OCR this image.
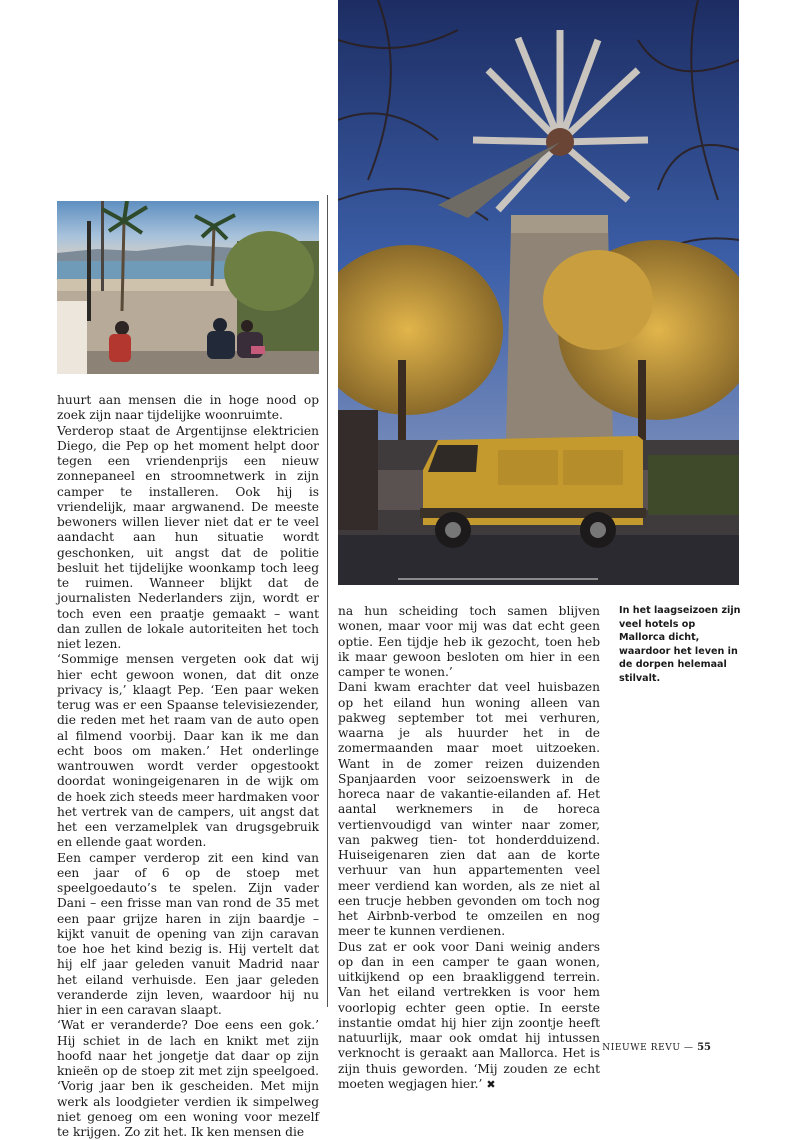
huurt aan mensen die in hoge nood op zoek zijn naar tijdelijke woonruimte.

Verderop staat de Argentijnse elektricien Diego, die Pep op het moment helpt door tegen een vriendenprijs een nieuw zonnepaneel en stroomnetwerk in zijn camper te installeren. Ook hij is vriendelijk, maar argwanend. De meeste bewoners willen liever niet dat er te veel aandacht aan hun situatie wordt geschonken, uit angst dat de politie besluit het tijdelijke woonkamp toch leeg te ruimen. Wanneer blijkt dat de journalisten Nederlanders zijn, wordt er toch even een praatje gemaakt – want dan zullen de lokale autoriteiten het toch niet lezen.

‘Sommige mensen vergeten ook dat wij hier echt gewoon wonen, dat dit onze privacy is,’ klaagt Pep. ‘Een paar weken terug was er een Spaanse televisiezender, die reden met het raam van de auto open al filmend voorbij. Daar kan ik me dan echt boos om maken.’ Het onderlinge wantrouwen wordt verder opgestookt doordat woningeigenaren in de wijk om de hoek zich steeds meer hardmaken voor het vertrek van de campers, uit angst dat het een verzamelplek van drugsgebruik en ellende gaat worden.

Een camper verderop zit een kind van een jaar of 6 op de stoep met speelgoedauto’s te spelen. Zijn vader Dani – een frisse man van rond de 35 met een paar grijze haren in zijn baardje – kijkt vanuit de opening van zijn caravan toe hoe het kind bezig is. Hij vertelt dat hij elf jaar geleden vanuit Madrid naar het eiland verhuisde. Een jaar geleden veranderde zijn leven, waardoor hij nu hier in een caravan slaapt.

‘Wat er veranderde? Doe eens een gok.’ Hij schiet in de lach en knikt met zijn hoofd naar het jongetje dat daar op zijn knieën op de stoep zit met zijn speelgoed. ‘Vorig jaar ben ik gescheiden. Met mijn werk als loodgieter verdien ik simpelweg niet genoeg om een woning voor mezelf te krijgen. Zo zit het. Ik ken mensen die

na hun scheiding toch samen blijven wonen, maar voor mij was dat echt geen optie. Een tijdje heb ik gezocht, toen heb ik maar gewoon besloten om hier in een camper te wonen.’

Dani kwam erachter dat veel huisbazen op het eiland hun woning alleen van pakweg september tot mei verhuren, waarna je als huurder het in de zomermaanden maar moet uitzoeken. Want in de zomer reizen duizenden Spanjaarden voor seizoenswerk in de horeca naar de vakantie-eilanden af. Het aantal werknemers in de horeca vertienvoudigd van winter naar zomer, van pakweg tien- tot honderdduizend. Huiseigenaren zien dat aan de korte verhuur van hun appartementen veel meer verdiend kan worden, als ze niet al een trucje hebben gevonden om toch nog het Airbnb-verbod te omzeilen en nog meer te kunnen verdienen.

Dus zat er ook voor Dani weinig anders op dan in een camper te gaan wonen, uitkijkend op een braakliggend terrein. Van het eiland vertrekken is voor hem voorlopig echter geen optie. In eerste instantie omdat hij hier zijn zoontje heeft natuurlijk, maar ook omdat hij intussen verknocht is geraakt aan Mallorca. Het is zijn thuis geworden. ‘Mij zouden ze echt moeten wegjagen hier.’ ✖

In het laagseizoen zijn veel hotels op Mallorca dicht, waardoor het leven in de dorpen helemaal stilvalt.
NIEUWE REVU — 55
